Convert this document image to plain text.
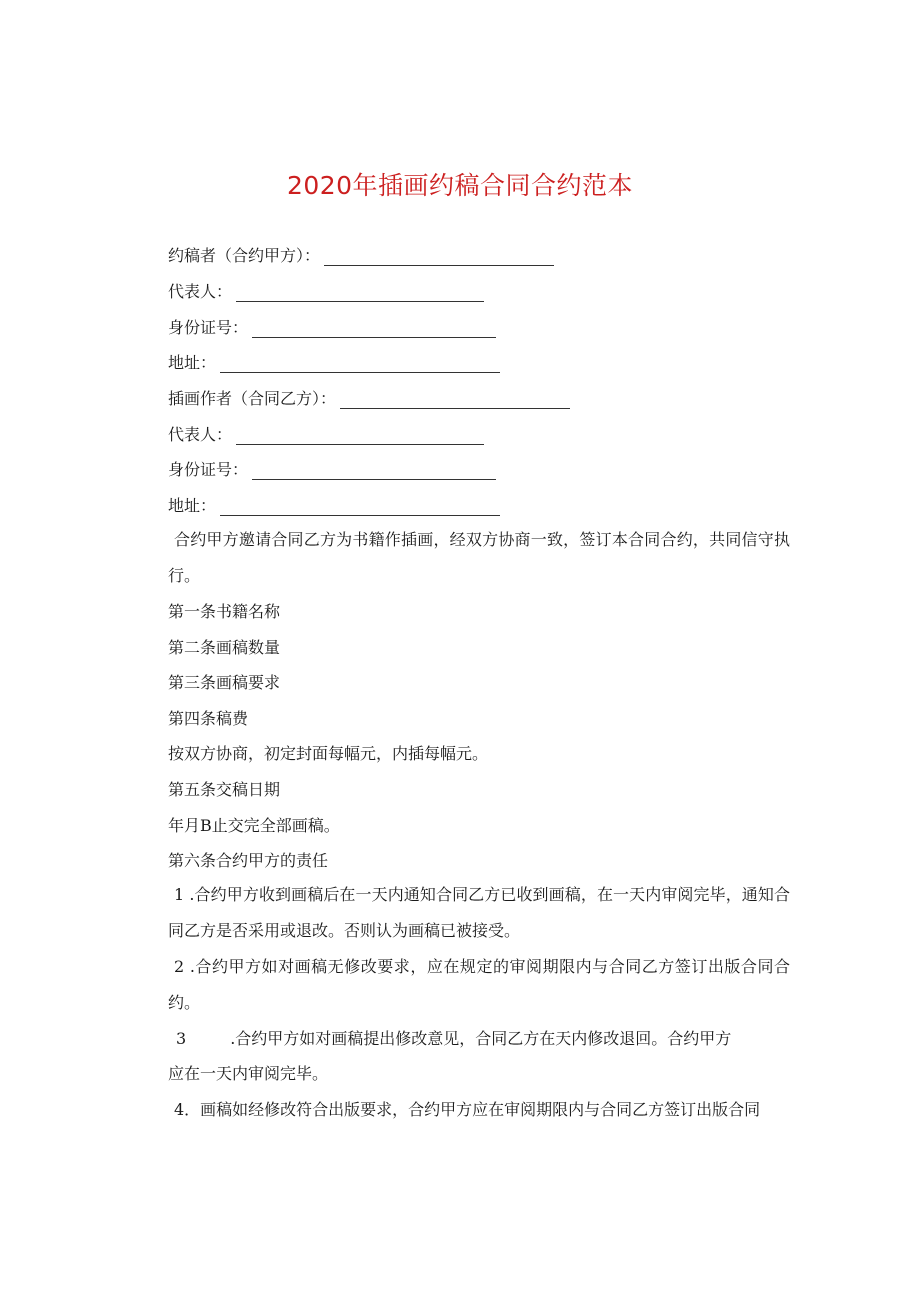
2020年插画约稿合同合约范本
约稿者（合约甲方）：
代表人：
身份证号：
地址：
插画作者（合同乙方）：
代表人：
身份证号：
地址：
合约甲方邀请合同乙方为书籍作插画，经双方协商一致，签订本合同合约，共同信守执行。
第一条书籍名称
第二条画稿数量
第三条画稿要求
第四条稿费
按双方协商，初定封面每幅元，内插每幅元。
第五条交稿日期
年月B止交完全部画稿。
第六条合约甲方的责任
1 .合约甲方收到画稿后在一天内通知合同乙方已收到画稿，在一天内审阅完毕，通知合同乙方是否采用或退改。否则认为画稿已被接受。
2 .合约甲方如对画稿无修改要求，应在规定的审阅期限内与合同乙方签订出版合同合约。
3	.合约甲方如对画稿提出修改意见，合同乙方在天内修改退回。合约甲方
应在一天内审阅完毕。
4．画稿如经修改符合出版要求，合约甲方应在审阅期限内与合同乙方签订出版合同
